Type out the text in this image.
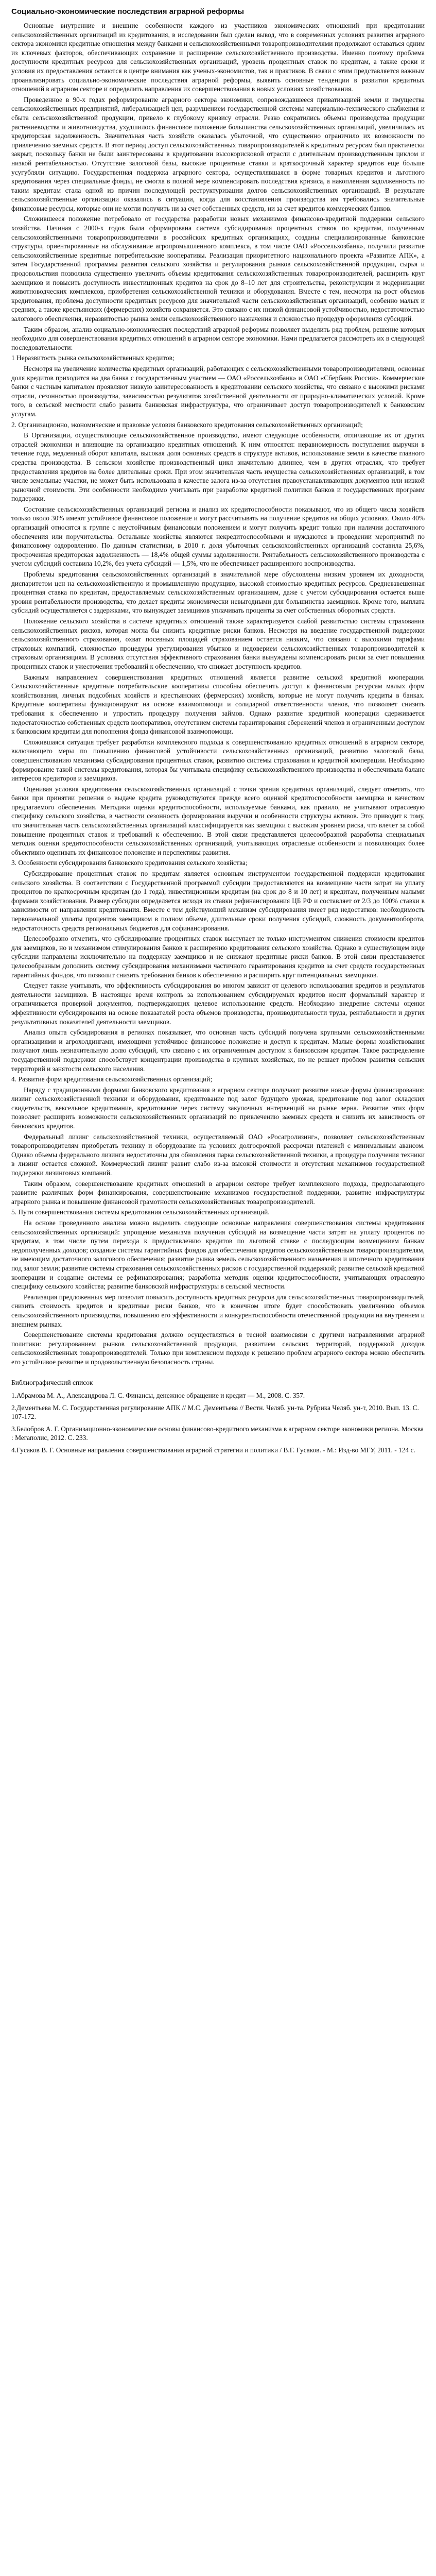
Социально-экономические последствия аграрной реформы

Основные внутренние и внешние особенности каждого из участников экономических отношений при кредитовании сельскохозяйственных организаций из кредитования, в исследовании был сделан вывод, что в современных условиях развития аграрного сектора экономики кредитные отношения между банками и сельскохозяйственными товаропроизводителями продолжают оставаться одним из ключевых факторов, обеспечивающих сохранение и расширение сельскохозяйственного производства. Именно поэтому проблема доступности кредитных ресурсов для сельскохозяйственных организаций, уровень процентных ставок по кредитам, а также сроки и условия их предоставления остаются в центре внимания как ученых-экономистов, так и практиков. В связи с этим представляется важным проанализировать социально-экономические последствия аграрной реформы, выявить основные тенденции в развитии кредитных отношений в аграрном секторе и определить направления их совершенствования в новых условиях хозяйствования.

Проведенное в 90-х годах реформирование аграрного сектора экономики, сопровождавшееся приватизацией земли и имущества сельскохозяйственных предприятий, либерализацией цен, разрушением государственной системы материально-технического снабжения и сбыта сельскохозяйственной продукции, привело к глубокому кризису отрасли. Резко сократились объемы производства продукции растениеводства и животноводства, ухудшилось финансовое положение большинства сельскохозяйственных организаций, увеличилась их кредиторская задолженность. Значительная часть хозяйств оказалась убыточной, что существенно ограничило их возможности по привлечению заемных средств. В этот период доступ сельскохозяйственных товаропроизводителей к кредитным ресурсам был практически закрыт, поскольку банки не были заинтересованы в кредитовании высокорисковой отрасли с длительным производственным циклом и низкой рентабельностью. Отсутствие залоговой базы, высокие процентные ставки и краткосрочный характер кредитов еще больше усугубляли ситуацию. Государственная поддержка аграрного сектора, осуществлявшаяся в форме товарных кредитов и льготного кредитования через специальные фонды, не смогла в полной мере компенсировать последствия кризиса, а накопленная задолженность по таким кредитам стала одной из причин последующей реструктуризации долгов сельскохозяйственных организаций. В результате сельскохозяйственные организации оказались в ситуации, когда для восстановления производства им требовались значительные финансовые ресурсы, которые они не могли получить ни за счет собственных средств, ни за счет кредитов коммерческих банков.

Сложившееся положение потребовало от государства разработки новых механизмов финансово-кредитной поддержки сельского хозяйства. Начиная с 2000-х годов была сформирована система субсидирования процентных ставок по кредитам, полученным сельскохозяйственными товаропроизводителями в российских кредитных организациях, созданы специализированные банковские структуры, ориентированные на обслуживание агропромышленного комплекса, в том числе ОАО «Россельхозбанк», получили развитие сельскохозяйственные кредитные потребительские кооперативы. Реализация приоритетного национального проекта «Развитие АПК», а затем Государственной программы развития сельского хозяйства и регулирования рынков сельскохозяйственной продукции, сырья и продовольствия позволила существенно увеличить объемы кредитования сельскохозяйственных товаропроизводителей, расширить круг заемщиков и повысить доступность инвестиционных кредитов на срок до 8–10 лет для строительства, реконструкции и модернизации животноводческих комплексов, приобретения сельскохозяйственной техники и оборудования. Вместе с тем, несмотря на рост объемов кредитования, проблема доступности кредитных ресурсов для значительной части сельскохозяйственных организаций, особенно малых и средних, а также крестьянских (фермерских) хозяйств сохраняется. Это связано с их низкой финансовой устойчивостью, недостаточностью залогового обеспечения, неразвитостью рынка земли сельскохозяйственного назначения и сложностью процедур оформления субсидий.

Таким образом, анализ социально-экономических последствий аграрной реформы позволяет выделить ряд проблем, решение которых необходимо для совершенствования кредитных отношений в аграрном секторе экономики. Нами предлагается рассмотреть их в следующей последовательности:

1 Неразвитость рынка сельскохозяйственных кредитов;

Несмотря на увеличение количества кредитных организаций, работающих с сельскохозяйственными товаропроизводителями, основная доля кредитов приходится на два банка с государственным участием — ОАО «Россельхозбанк» и ОАО «Сбербанк России». Коммерческие банки с частным капиталом проявляют низкую заинтересованность в кредитовании сельского хозяйства, что связано с высокими рисками отрасли, сезонностью производства, зависимостью результатов хозяйственной деятельности от природно-климатических условий. Кроме того, в сельской местности слабо развита банковская инфраструктура, что ограничивает доступ товаропроизводителей к банковским услугам.

2. Организационно, экономические и правовые условия банковского кредитования сельскохозяйственных организаций;

В Организации, осуществляющие сельскохозяйственное производство, имеют следующие особенности, отличающие их от других отраслей экономики и влияющие на организацию кредитных отношений. К ним относятся: неравномерность поступления выручки в течение года, медленный оборот капитала, высокая доля основных средств в структуре активов, использование земли в качестве главного средства производства. В сельском хозяйстве производственный цикл значительно длиннее, чем в других отраслях, что требует предоставления кредитов на более длительные сроки. При этом значительная часть имущества сельскохозяйственных организаций, в том числе земельные участки, не может быть использована в качестве залога из-за отсутствия правоустанавливающих документов или низкой рыночной стоимости. Эти особенности необходимо учитывать при разработке кредитной политики банков и государственных программ поддержки.

Состояние сельскохозяйственных организаций региона и анализ их кредитоспособности показывают, что из общего числа хозяйств только около 30% имеют устойчивое финансовое положение и могут рассчитывать на получение кредитов на общих условиях. Около 40% организаций относятся к группе с неустойчивым финансовым положением и могут получить кредит только при наличии достаточного обеспечения или поручительства. Остальные хозяйства являются некредитоспособными и нуждаются в проведении мероприятий по финансовому оздоровлению. По данным статистики, в 2010 г. доля убыточных сельскохозяйственных организаций составила 25,6%, просроченная кредиторская задолженность — 18,4% общей суммы задолженности. Рентабельность сельскохозяйственного производства с учетом субсидий составила 10,2%, без учета субсидий — 1,5%, что не обеспечивает расширенного воспроизводства.

Проблемы кредитования сельскохозяйственных организаций в значительной мере обусловлены низким уровнем их доходности, диспаритетом цен на сельскохозяйственную и промышленную продукцию, высокой стоимостью кредитных ресурсов. Средневзвешенная процентная ставка по кредитам, предоставляемым сельскохозяйственным организациям, даже с учетом субсидирования остается выше уровня рентабельности производства, что делает кредиты экономически невыгодными для большинства заемщиков. Кроме того, выплата субсидий осуществляется с задержками, что вынуждает заемщиков уплачивать проценты за счет собственных оборотных средств.

Положение сельского хозяйства в системе кредитных отношений также характеризуется слабой развитостью системы страхования сельскохозяйственных рисков, которая могла бы снизить кредитные риски банков. Несмотря на введение государственной поддержки сельскохозяйственного страхования, охват посевных площадей страхованием остается низким, что связано с высокими тарифами страховых компаний, сложностью процедуры урегулирования убытков и недоверием сельскохозяйственных товаропроизводителей к страховым организациям. В условиях отсутствия эффективного страхования банки вынуждены компенсировать риски за счет повышения процентных ставок и ужесточения требований к обеспечению, что снижает доступность кредитов.

Важным направлением совершенствования кредитных отношений является развитие сельской кредитной кооперации. Сельскохозяйственные кредитные потребительские кооперативы способны обеспечить доступ к финансовым ресурсам малых форм хозяйствования, личных подсобных хозяйств и крестьянских (фермерских) хозяйств, которые не могут получить кредиты в банках. Кредитные кооперативы функционируют на основе взаимопомощи и солидарной ответственности членов, что позволяет снизить требования к обеспечению и упростить процедуру получения займов. Однако развитие кредитной кооперации сдерживается недостаточностью собственных средств кооперативов, отсутствием системы гарантирования сбережений членов и ограниченным доступом к банковским кредитам для пополнения фонда финансовой взаимопомощи.

Сложившаяся ситуация требует разработки комплексного подхода к совершенствованию кредитных отношений в аграрном секторе, включающего меры по повышению финансовой устойчивости сельскохозяйственных организаций, развитию залоговой базы, совершенствованию механизма субсидирования процентных ставок, развитию системы страхования и кредитной кооперации. Необходимо формирование такой системы кредитования, которая бы учитывала специфику сельскохозяйственного производства и обеспечивала баланс интересов кредиторов и заемщиков.

Оценивая условия кредитования сельскохозяйственных организаций с точки зрения кредитных организаций, следует отметить, что банки при принятии решения о выдаче кредита руководствуются прежде всего оценкой кредитоспособности заемщика и качеством предлагаемого обеспечения. Методики оценки кредитоспособности, используемые банками, как правило, не учитывают отраслевую специфику сельского хозяйства, в частности сезонность формирования выручки и особенности структуры активов. Это приводит к тому, что значительная часть сельскохозяйственных организаций классифицируется как заемщики с высоким уровнем риска, что влечет за собой повышение процентных ставок и требований к обеспечению. В этой связи представляется целесообразной разработка специальных методик оценки кредитоспособности сельскохозяйственных организаций, учитывающих отраслевые особенности и позволяющих более объективно оценивать их финансовое положение и перспективы развития.

3. Особенности субсидирования банковского кредитования сельского хозяйства;

Субсидирование процентных ставок по кредитам является основным инструментом государственной поддержки кредитования сельского хозяйства. В соответствии с Государственной программой субсидии предоставляются на возмещение части затрат на уплату процентов по краткосрочным кредитам (до 1 года), инвестиционным кредитам (на срок до 8 и 10 лет) и кредитам, полученным малыми формами хозяйствования. Размер субсидии определяется исходя из ставки рефинансирования ЦБ РФ и составляет от 2/3 до 100% ставки в зависимости от направления кредитования. Вместе с тем действующий механизм субсидирования имеет ряд недостатков: необходимость первоначальной уплаты процентов заемщиком в полном объеме, длительные сроки получения субсидий, сложность документооборота, недостаточность средств региональных бюджетов для софинансирования.

Целесообразно отметить, что субсидирование процентных ставок выступает не только инструментом снижения стоимости кредитов для заемщиков, но и механизмом стимулирования банков к расширению кредитования сельского хозяйства. Однако в существующем виде субсидии направлены исключительно на поддержку заемщиков и не снижают кредитные риски банков. В этой связи представляется целесообразным дополнить систему субсидирования механизмами частичного гарантирования кредитов за счет средств государственных гарантийных фондов, что позволит снизить требования банков к обеспечению и расширить круг потенциальных заемщиков.

Следует также учитывать, что эффективность субсидирования во многом зависит от целевого использования кредитов и результатов деятельности заемщиков. В настоящее время контроль за использованием субсидируемых кредитов носит формальный характер и ограничивается проверкой документов, подтверждающих целевое использование средств. Необходимо внедрение системы оценки эффективности субсидирования на основе показателей роста объемов производства, производительности труда, рентабельности и других результативных показателей деятельности заемщиков.

Анализ опыта субсидирования в регионах показывает, что основная часть субсидий получена крупными сельскохозяйственными организациями и агрохолдингами, имеющими устойчивое финансовое положение и доступ к кредитам. Малые формы хозяйствования получают лишь незначительную долю субсидий, что связано с их ограниченным доступом к банковским кредитам. Такое распределение государственной поддержки способствует концентрации производства в крупных хозяйствах, но не решает проблем развития сельских территорий и занятости сельского населения.

4. Развитие форм кредитования сельскохозяйственных организаций;

Наряду с традиционными формами банковского кредитования в аграрном секторе получают развитие новые формы финансирования: лизинг сельскохозяйственной техники и оборудования, кредитование под залог будущего урожая, кредитование под залог складских свидетельств, вексельное кредитование, кредитование через систему закупочных интервенций на рынке зерна. Развитие этих форм позволяет расширить возможности сельскохозяйственных организаций по привлечению заемных средств и снизить их зависимость от банковских кредитов.

Федеральный лизинг сельскохозяйственной техники, осуществляемый ОАО «Росагролизинг», позволяет сельскохозяйственным товаропроизводителям приобретать технику и оборудование на условиях долгосрочной рассрочки платежей с минимальным авансом. Однако объемы федерального лизинга недостаточны для обновления парка сельскохозяйственной техники, а процедура получения техники в лизинг остается сложной. Коммерческий лизинг развит слабо из-за высокой стоимости и отсутствия механизмов государственной поддержки лизинговых компаний.

Таким образом, совершенствование кредитных отношений в аграрном секторе требует комплексного подхода, предполагающего развитие различных форм финансирования, совершенствование механизмов государственной поддержки, развитие инфраструктуры аграрного рынка и повышение финансовой грамотности сельскохозяйственных товаропроизводителей.

5. Пути совершенствования системы кредитования сельскохозяйственных организаций.

На основе проведенного анализа можно выделить следующие основные направления совершенствования системы кредитования сельскохозяйственных организаций: упрощение механизма получения субсидий на возмещение части затрат на уплату процентов по кредитам, в том числе путем перехода к предоставлению кредитов по льготной ставке с последующим возмещением банкам недополученных доходов; создание системы гарантийных фондов для обеспечения кредитов сельскохозяйственным товаропроизводителям, не имеющим достаточного залогового обеспечения; развитие рынка земель сельскохозяйственного назначения и ипотечного кредитования под залог земли; развитие системы страхования сельскохозяйственных рисков с государственной поддержкой; развитие сельской кредитной кооперации и создание системы ее рефинансирования; разработка методик оценки кредитоспособности, учитывающих отраслевую специфику сельского хозяйства; развитие банковской инфраструктуры в сельской местности.

Реализация предложенных мер позволит повысить доступность кредитных ресурсов для сельскохозяйственных товаропроизводителей, снизить стоимость кредитов и кредитные риски банков, что в конечном итоге будет способствовать увеличению объемов сельскохозяйственного производства, повышению его эффективности и конкурентоспособности отечественной продукции на внутреннем и внешнем рынках.

Совершенствование системы кредитования должно осуществляться в тесной взаимосвязи с другими направлениями аграрной политики: регулированием рынков сельскохозяйственной продукции, развитием сельских территорий, поддержкой доходов сельскохозяйственных товаропроизводителей. Только при комплексном подходе к решению проблем аграрного сектора можно обеспечить его устойчивое развитие и продовольственную безопасность страны.

Библиографический список

1.Абрамова М. А., Александрова Л. С. Финансы, денежное обращение и кредит — М., 2008. С. 357.

2.Дементьева М. С. Государственная регулирование АПК // М.С. Дементьева // Вестн. Челяб. ун-та. Рубрика Челяб. ун-т, 2010. Вып. 13. С. 107-172.

3.Белобров А. Г. Организационно-экономические основы финансово-кредитного механизма в аграрном секторе экономики региона. Москва : Мегаполис, 2012. С. 233.

4.Гусаков В. Г. Основные направления совершенствования аграрной стратегии и политики / В.Г. Гусаков. - М.: Изд-во МГУ, 2011. - 124 с.
